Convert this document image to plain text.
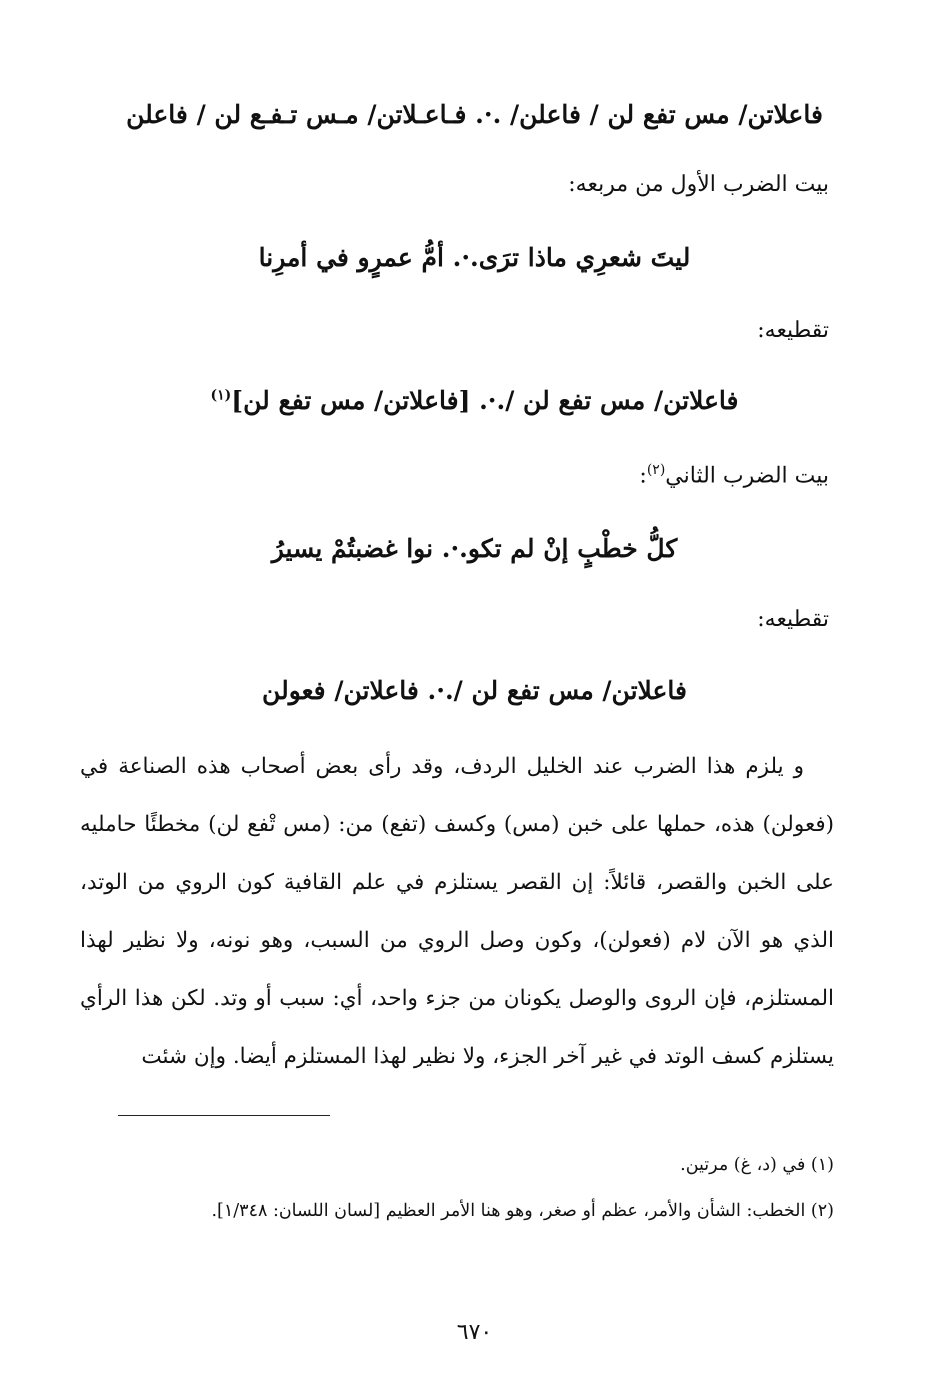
فاعلاتن/ مس تفع لن / فاعلن/ .·. فـاعـلاتن/ مـس تـفـع لن / فاعلن
بيت الضرب الأول من مربعه:
ليتَ شعرِي ماذا ترَى.·. أمُّ عمرٍو في أمرِنا
تقطيعه:
فاعلاتن/ مس تفع لن /.·. [فاعلاتن/ مس تفع لن]$^{(١)}$
بيت الضرب الثاني$^{(٢)}$:
كلُّ خطْبٍ إنْ لم تكو.·. نوا غضبتُمْ يسيرُ
تقطيعه:
فاعلاتن/ مس تفع لن /.·. فاعلاتن/ فعولن

و يلزم هذا الضرب عند الخليل الردف، وقد رأى بعض أصحاب هذه الصناعة في (فعولن) هذه، حملها على خبن (مس) وكسف (تفع) من: (مس تْفع لن) مخطئًا حامليه على الخبن والقصر، قائلاً: إن القصر يستلزم في علم القافية كون الروي من الوتد، الذي هو الآن لام (فعولن)، وكون وصل الروي من السبب، وهو نونه، ولا نظير لهذا المستلزم، فإن الروى والوصل يكونان من جزء واحد، أي: سبب أو وتد. لكن هذا الرأي يستلزم كسف الوتد في غير آخر الجزء، ولا نظير لهذا المستلزم أيضا. وإن شئت

(١) في (د، غ) مرتين.
(٢) الخطب: الشأن والأمر، عظم أو صغر، وهو هنا الأمر العظيم [لسان اللسان: ١/٣٤٨].
٦٧٠
